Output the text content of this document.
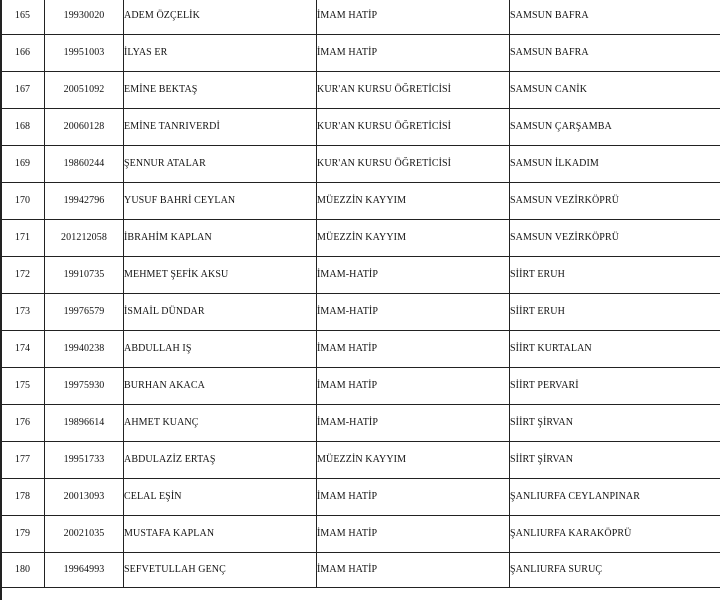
165	19930020	ADEM ÖZÇELİK	İMAM HATİP	SAMSUN BAFRA
166	19951003	İLYAS ER	İMAM HATİP	SAMSUN BAFRA
167	20051092	EMİNE BEKTAŞ	KUR'AN KURSU ÖĞRETİCİSİ	SAMSUN CANİK
168	20060128	EMİNE TANRIVERDİ	KUR'AN KURSU ÖĞRETİCİSİ	SAMSUN ÇARŞAMBA
169	19860244	ŞENNUR ATALAR	KUR'AN KURSU ÖĞRETİCİSİ	SAMSUN İLKADIM
170	19942796	YUSUF BAHRİ CEYLAN	MÜEZZİN KAYYIM	SAMSUN VEZİRKÖPRÜ
171	201212058	İBRAHİM KAPLAN	MÜEZZİN KAYYIM	SAMSUN VEZİRKÖPRÜ
172	19910735	MEHMET ŞEFİK AKSU	İMAM-HATİP	SİİRT ERUH
173	19976579	İSMAİL DÜNDAR	İMAM-HATİP	SİİRT ERUH
174	19940238	ABDULLAH IŞ	İMAM HATİP	SİİRT KURTALAN
175	19975930	BURHAN AKACA	İMAM HATİP	SİİRT PERVARİ
176	19896614	AHMET KUANÇ	İMAM-HATİP	SİİRT ŞİRVAN
177	19951733	ABDULAZİZ ERTAŞ	MÜEZZİN KAYYIM	SİİRT ŞİRVAN
178	20013093	CELAL EŞİN	İMAM HATİP	ŞANLIURFA CEYLANPINAR
179	20021035	MUSTAFA KAPLAN	İMAM HATİP	ŞANLIURFA KARAKÖPRÜ
180	19964993	SEFVETULLAH GENÇ	İMAM HATİP	ŞANLIURFA SURUÇ
